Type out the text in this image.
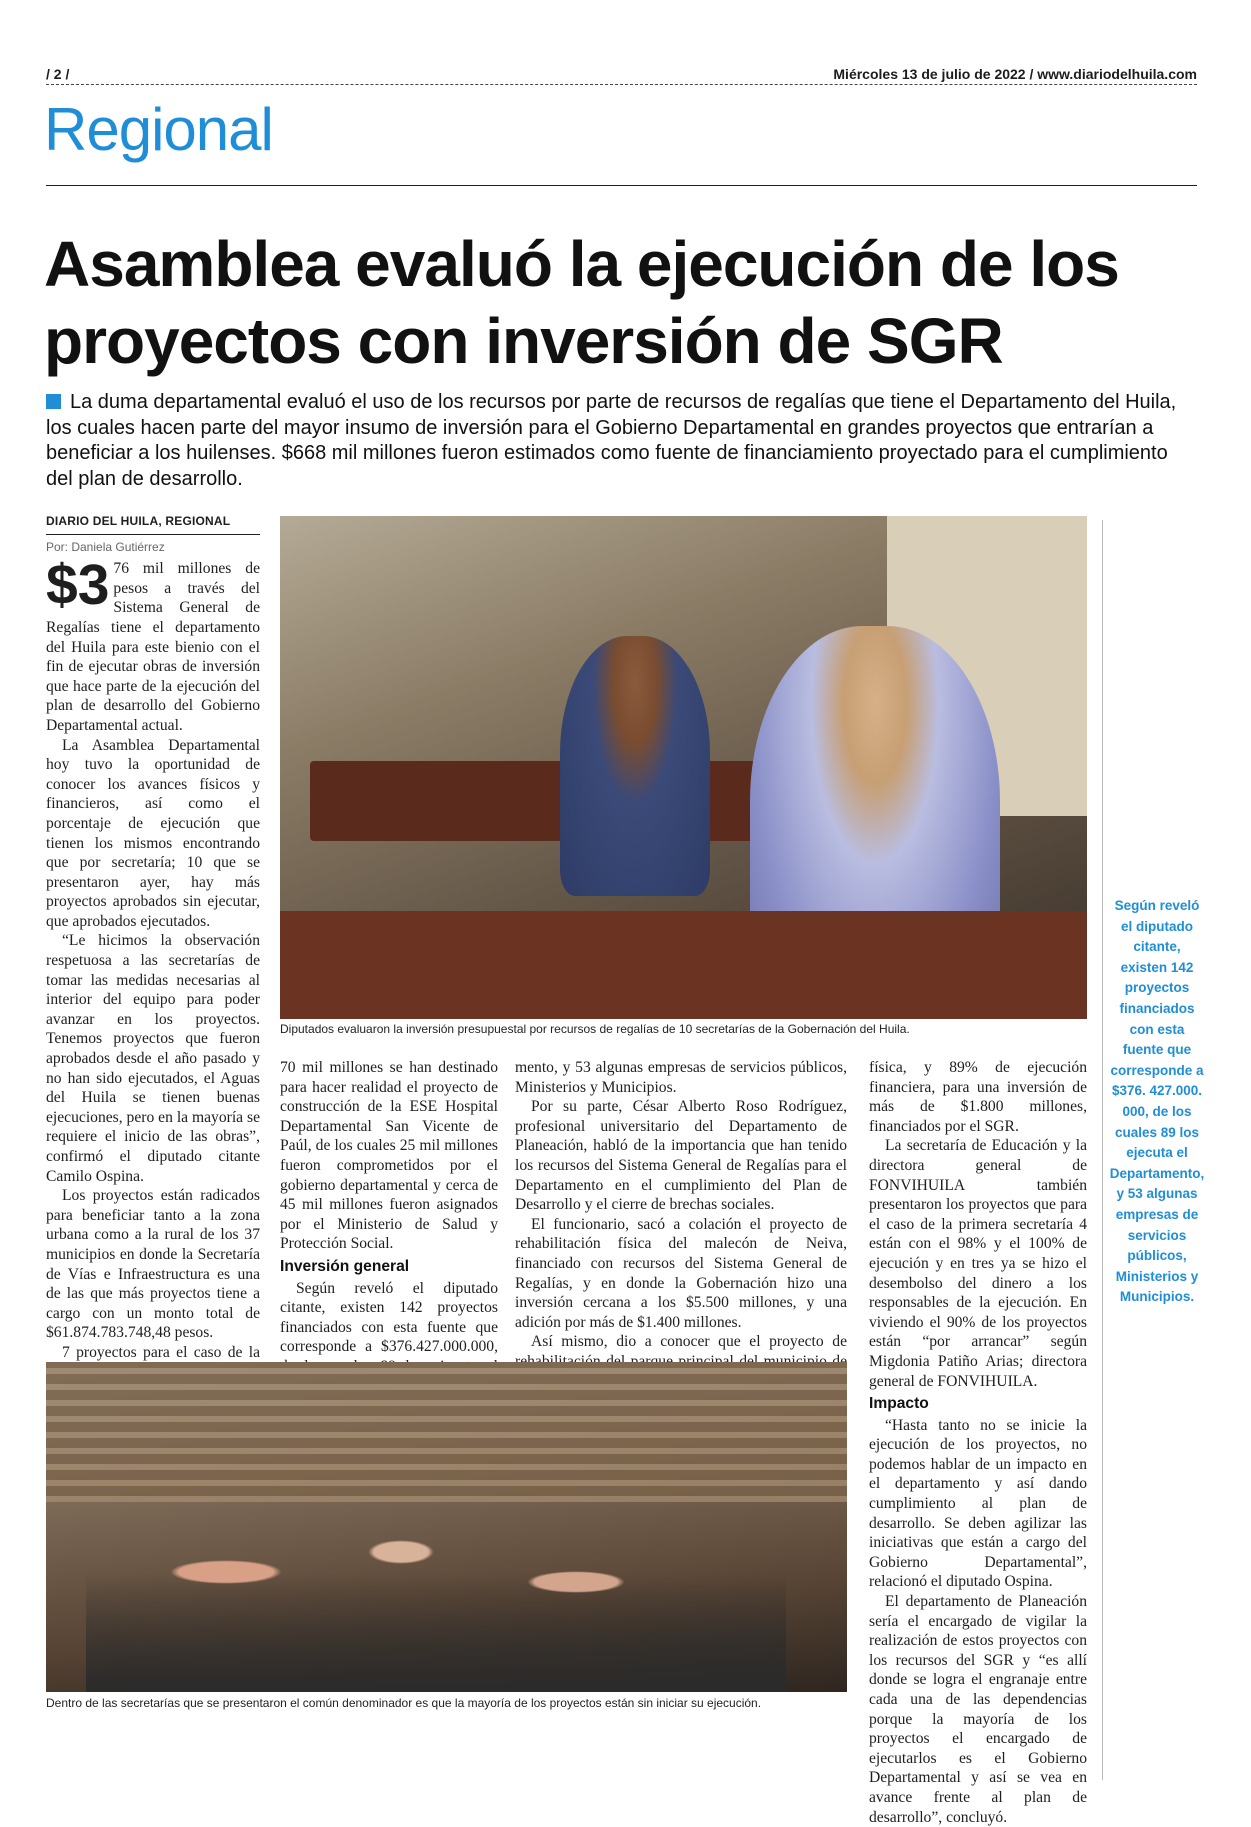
/ 2 /	Miércoles 13 de julio de 2022 / www.diariodelhuila.com
Regional
Asamblea evaluó la ejecución de los proyectos con inversión de SGR
La duma departamental evaluó el uso de los recursos por parte de recursos de regalías que tiene el Departamento del Huila, los cuales hacen parte del mayor insumo de inversión para el Gobierno Departamental en grandes proyectos que entrarían a beneficiar a los huilenses. $668 mil millones fueron estimados como fuente de financiamiento proyectado para el cumplimiento del plan de desarrollo.
DIARIO DEL HUILA, REGIONAL
Por: Daniela Gutiérrez

$3 76 mil millones de pesos a través del Sistema General de Regalías tiene el departamento del Huila para este bienio con el fin de ejecutar obras de inversión que hace parte de la ejecución del plan de desarrollo del Gobierno Departamental actual.

La Asamblea Departamental hoy tuvo la oportunidad de conocer los avances físicos y financieros, así como el porcentaje de ejecución que tienen los mismos encontrando que por secretaría; 10 que se presentaron ayer, hay más proyectos aprobados sin ejecutar, que aprobados ejecutados.

“Le hicimos la observación respetuosa a las secretarías de tomar las medidas necesarias al interior del equipo para poder avanzar en los proyectos. Tenemos proyectos que fueron aprobados desde el año pasado y no han sido ejecutados, el Aguas del Huila se tienen buenas ejecuciones, pero en la mayoría se requiere el inicio de las obras”, confirmó el diputado citante Camilo Ospina.

Los proyectos están radicados para beneficiar tanto a la zona urbana como a la rural de los 37 municipios en donde la Secretaría de Vías e Infraestructura es una de las que más proyectos tiene a cargo con un monto total de $61.874.783.748,48 pesos.

7 proyectos para el caso de la

Diputados evaluaron la inversión presupuestal por recursos de regalías de 10 secretarías de la Gobernación del Huila.

70 mil millones se han destinado para hacer realidad el proyecto de construcción de la ESE Hospital Departamental San Vicente de Paúl, de los cuales 25 mil millones fueron comprometidos por el gobierno departamental y cerca de 45 mil millones fueron asignados por el Ministerio de Salud y Protección Social.

Inversión general

Según reveló el diputado citante, existen 142 proyectos financiados con esta fuente que corresponde a $376.427.000.000,

mento, y 53 algunas empresas de servicios públicos, Ministerios y Municipios.

Por su parte, César Alberto Roso Rodríguez, profesional universitario del Departamento de Planeación, habló de la importancia que han tenido los recursos del Sistema General de Regalías para el Departamento en el cumplimiento del Plan de Desarrollo y el cierre de brechas sociales.

El funcionario, sacó a colación el proyecto de rehabilitación física del malecón de Neiva, financiado con recursos del Sistema General de Regalías, y en donde la Gobernación hizo una inversión cercana a los $5.500 millones, y una adición por más de $1.400 millones.

Así mismo, dio a conocer que el proyecto de

física, y 89% de ejecución financiera, para una inversión de más de $1.800 millones, financiados por el SGR.

La secretaría de Educación y la directora general de FONVIHUILA también presentaron los proyectos que para el caso de la primera secretaría 4 están con el 98% y el 100% de ejecución y en tres ya se hizo el desembolso del dinero a los responsables de la ejecución. En viviendo el 90% de los proyectos están “por arrancar” según Migdonia Patiño Arias; directora general de FONVIHUILA.

Impacto

“Hasta tanto no se inicie la ejecución de los proyectos, no podemos hablar de un impacto en el departamento y así dando cumplimiento al plan de desarrollo. Se deben agilizar las iniciativas que están a cargo del Gobierno Departamental”, relacionó el diputado Ospina.

El departamento de Planeación sería el encargado de vigilar la realización de estos proyectos con los recursos del SGR y “es allí donde se logra el engranaje entre cada una de las dependencias porque la mayoría de los proyectos el encargado de ejecutarlos es el Gobierno Departamental y así se vea en avance frente al plan de desarrollo”, concluyó.

Según reveló el diputado citante, existen 142 proyectos financiados con esta fuente que corresponde a $376. 427.000. 000, de los cuales 89 los ejecuta el Departamento, y 53 algunas empresas de servicios públicos, Ministerios y Municipios.
Dentro de las secretarías que se presentaron el común denominador es que la mayoría de los proyectos están sin iniciar su ejecución.
